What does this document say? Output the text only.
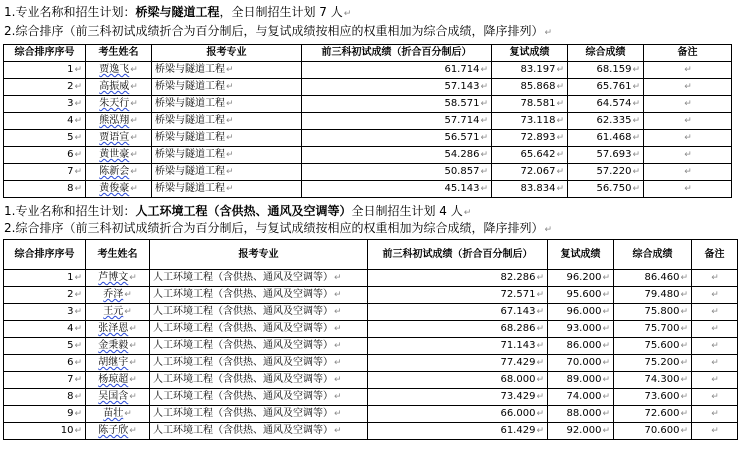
1.专业名称和招生计划：桥梁与隧道工程，全日制招生计划 7 人↵
2.综合排序（前三科初试成绩折合为百分制后，与复试成绩按相应的权重相加为综合成绩，降序排列）↵
综合排序序号	考生姓名	报考专业	前三科初试成绩（折合百分制后）	复试成绩	综合成绩	备注
1↵	贾逸飞↵	桥梁与隧道工程↵	61.714↵	83.197↵	68.159↵	↵
2↵	高振威↵	桥梁与隧道工程↵	57.143↵	85.868↵	65.761↵	↵
3↵	朱天行↵	桥梁与隧道工程↵	58.571↵	78.581↵	64.574↵	↵
4↵	熊泓翔↵	桥梁与隧道工程↵	57.714↵	73.118↵	62.335↵	↵
5↵	贾语宣↵	桥梁与隧道工程↵	56.571↵	72.893↵	61.468↵	↵
6↵	黄世豪↵	桥梁与隧道工程↵	54.286↵	65.642↵	57.693↵	↵
7↵	陈新会↵	桥梁与隧道工程↵	50.857↵	72.067↵	57.220↵	↵
8↵	黄俊豪↵	桥梁与隧道工程↵	45.143↵	83.834↵	56.750↵	↵
1.专业名称和招生计划：人工环境工程（含供热、通风及空调等）全日制招生计划 4 人↵
2.综合排序（前三科初试成绩折合为百分制后，与复试成绩按相应的权重相加为综合成绩，降序排列）↵
综合排序序号	考生姓名	报考专业	前三科初试成绩（折合百分制后）	复试成绩	综合成绩	备注
1↵	芦博文↵	人工环境工程（含供热、通风及空调等）↵	82.286↵	96.200↵	86.460↵	↵
2↵	乔泽↵	人工环境工程（含供热、通风及空调等）↵	72.571↵	95.600↵	79.480↵	↵
3↵	王元↵	人工环境工程（含供热、通风及空调等）↵	67.143↵	96.000↵	75.800↵	↵
4↵	张泽恩↵	人工环境工程（含供热、通风及空调等）↵	68.286↵	93.000↵	75.700↵	↵
5↵	金秉毅↵	人工环境工程（含供热、通风及空调等）↵	71.143↵	86.000↵	75.600↵	↵
6↵	胡继宇↵	人工环境工程（含供热、通风及空调等）↵	77.429↵	70.000↵	75.200↵	↵
7↵	杨琼超↵	人工环境工程（含供热、通风及空调等）↵	68.000↵	89.000↵	74.300↵	↵
8↵	吴国含↵	人工环境工程（含供热、通风及空调等）↵	73.429↵	74.000↵	73.600↵	↵
9↵	苗壮↵	人工环境工程（含供热、通风及空调等）↵	66.000↵	88.000↵	72.600↵	↵
10↵	陈子欣↵	人工环境工程（含供热、通风及空调等）↵	61.429↵	92.000↵	70.600↵	↵
